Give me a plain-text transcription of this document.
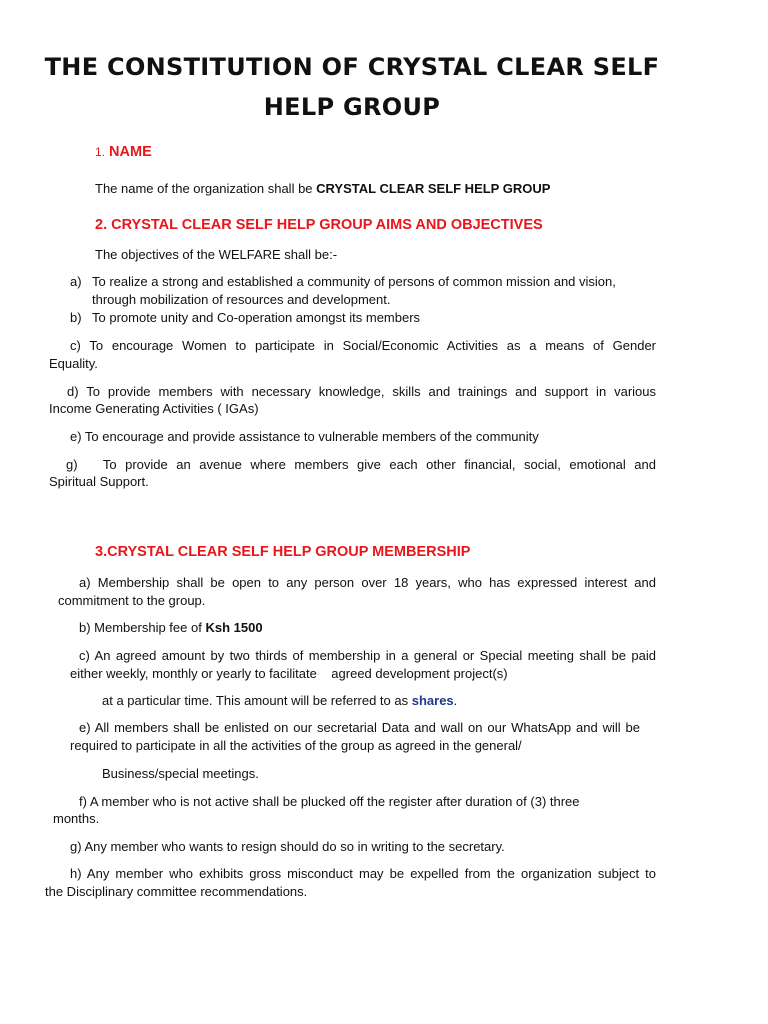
THE CONSTITUTION OF CRYSTAL CLEAR SELF
HELP GROUP
1. NAME
The name of the organization shall be CRYSTAL CLEAR SELF HELP GROUP
2. CRYSTAL CLEAR SELF HELP GROUP AIMS AND OBJECTIVES
The objectives of the WELFARE shall be:-
a) To realize a strong and established a community of persons of common mission and vision,
through mobilization of resources and development.
b) To promote unity and Co-operation amongst its members
c) To encourage Women to participate in Social/Economic Activities as a means of Gender
Equality.
d) To provide members with necessary knowledge, skills and trainings and support in various
Income Generating Activities ( IGAs)
e) To encourage and provide assistance to vulnerable members of the community
g)   To provide an avenue where members give each other financial, social, emotional and
Spiritual Support.
3.CRYSTAL CLEAR SELF HELP GROUP MEMBERSHIP
a) Membership shall be open to any person over 18 years, who has expressed interest and
commitment to the group.
b) Membership fee of Ksh 1500
c) An agreed amount by two thirds of membership in a general or Special meeting shall be paid
either weekly, monthly or yearly to facilitate    agreed development project(s)
at a particular time. This amount will be referred to as shares.
e) All members shall be enlisted on our secretarial Data and wall on our WhatsApp and will be
required to participate in all the activities of the group as agreed in the general/
Business/special meetings.
f) A member who is not active shall be plucked off the register after duration of (3) three
months.
g) Any member who wants to resign should do so in writing to the secretary.
h) Any member who exhibits gross misconduct may be expelled from the organization subject to
the Disciplinary committee recommendations.
